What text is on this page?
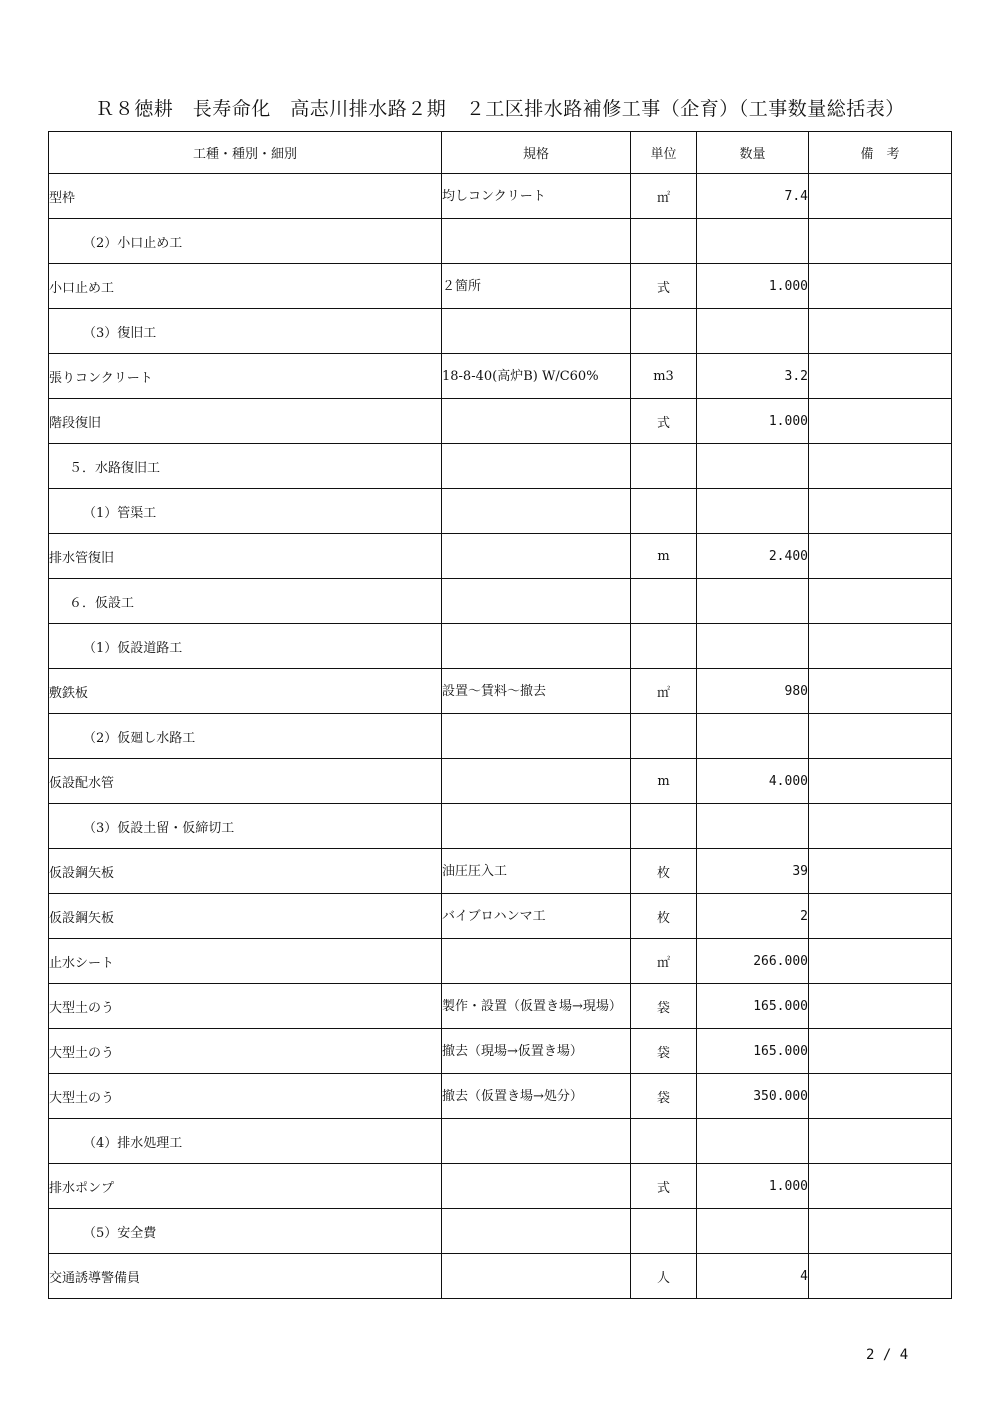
Ｒ８徳耕　長寿命化　高志川排水路２期　２工区排水路補修工事（企育）（工事数量総括表）
工種・種別・細別	規格	単位	数量	備　考
型枠	均しコンクリート	㎡	7.4	
（2）小口止め工				
小口止め工	２箇所	式	1.000	
（3）復旧工				
張りコンクリート	18-8-40(高炉B) W/C60%	m3	3.2	
階段復旧		式	1.000	
５．水路復旧工				
（1）管渠工				
排水管復旧		m	2.400	
６．仮設工				
（1）仮設道路工				
敷鉄板	設置～賃料～撤去	㎡	980	
（2）仮廻し水路工				
仮設配水管		m	4.000	
（3）仮設土留・仮締切工				
仮設鋼矢板	油圧圧入工	枚	39	
仮設鋼矢板	バイブロハンマ工	枚	2	
止水シート		㎡	266.000	
大型土のう	製作・設置（仮置き場→現場）	袋	165.000	
大型土のう	撤去（現場→仮置き場）	袋	165.000	
大型土のう	撤去（仮置き場→処分）	袋	350.000	
（4）排水処理工				
排水ポンプ		式	1.000	
（5）安全費				
交通誘導警備員		人	4	
2 / 4
